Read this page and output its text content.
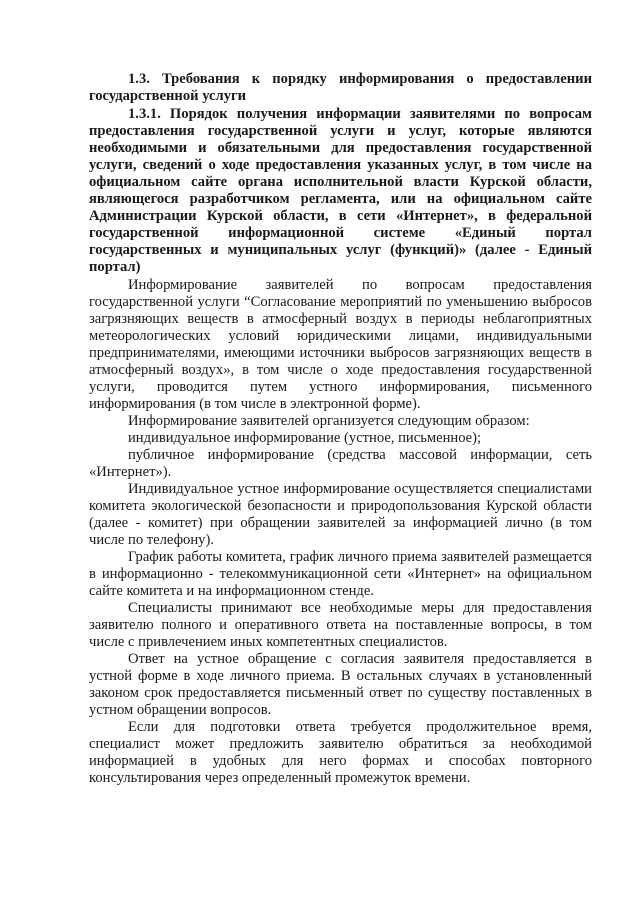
1.3. Требования к порядку информирования о предоставлении государственной услуги

1.3.1. Порядок получения информации заявителями по вопросам предоставления государственной услуги и услуг, которые являются необходимыми и обязательными для предоставления государственной услуги, сведений о ходе предоставления указанных услуг, в том числе на официальном сайте органа исполнительной власти Курской области, являющегося разработчиком регламента, или на официальном сайте Администрации Курской области, в сети «Интернет», в федеральной государственной информационной системе «Единый портал государственных и муниципальных услуг (функций)» (далее - Единый портал)

Информирование заявителей по вопросам предоставления государственной услуги “Согласование мероприятий по уменьшению выбросов загрязняющих веществ в атмосферный воздух в периоды неблагоприятных метеорологических условий юридическими лицами, индивидуальными предпринимателями, имеющими источники выбросов загрязняющих веществ в атмосферный воздух», в том числе о ходе предоставления государственной услуги, проводится путем устного информирования, письменного информирования (в том числе в электронной форме).

Информирование заявителей организуется следующим образом:

индивидуальное информирование (устное, письменное);

публичное информирование (средства массовой информации, сеть «Интернет»).

Индивидуальное устное информирование осуществляется специалистами комитета экологической безопасности и природопользования Курской области (далее - комитет) при обращении заявителей за информацией лично (в том числе по телефону).

График работы комитета, график личного приема заявителей размещается в информационно - телекоммуникационной сети «Интернет» на официальном сайте комитета и на информационном стенде.

Специалисты принимают все необходимые меры для предоставления заявителю полного и оперативного ответа на поставленные вопросы, в том числе с привлечением иных компетентных специалистов.

Ответ на устное обращение с согласия заявителя предоставляется в устной форме в ходе личного приема. В остальных случаях в установленный законом срок предоставляется письменный ответ по существу поставленных в устном обращении вопросов.

Если для подготовки ответа требуется продолжительное время, специалист может предложить заявителю обратиться за необходимой информацией в удобных для него формах и способах повторного консультирования через определенный промежуток времени.
